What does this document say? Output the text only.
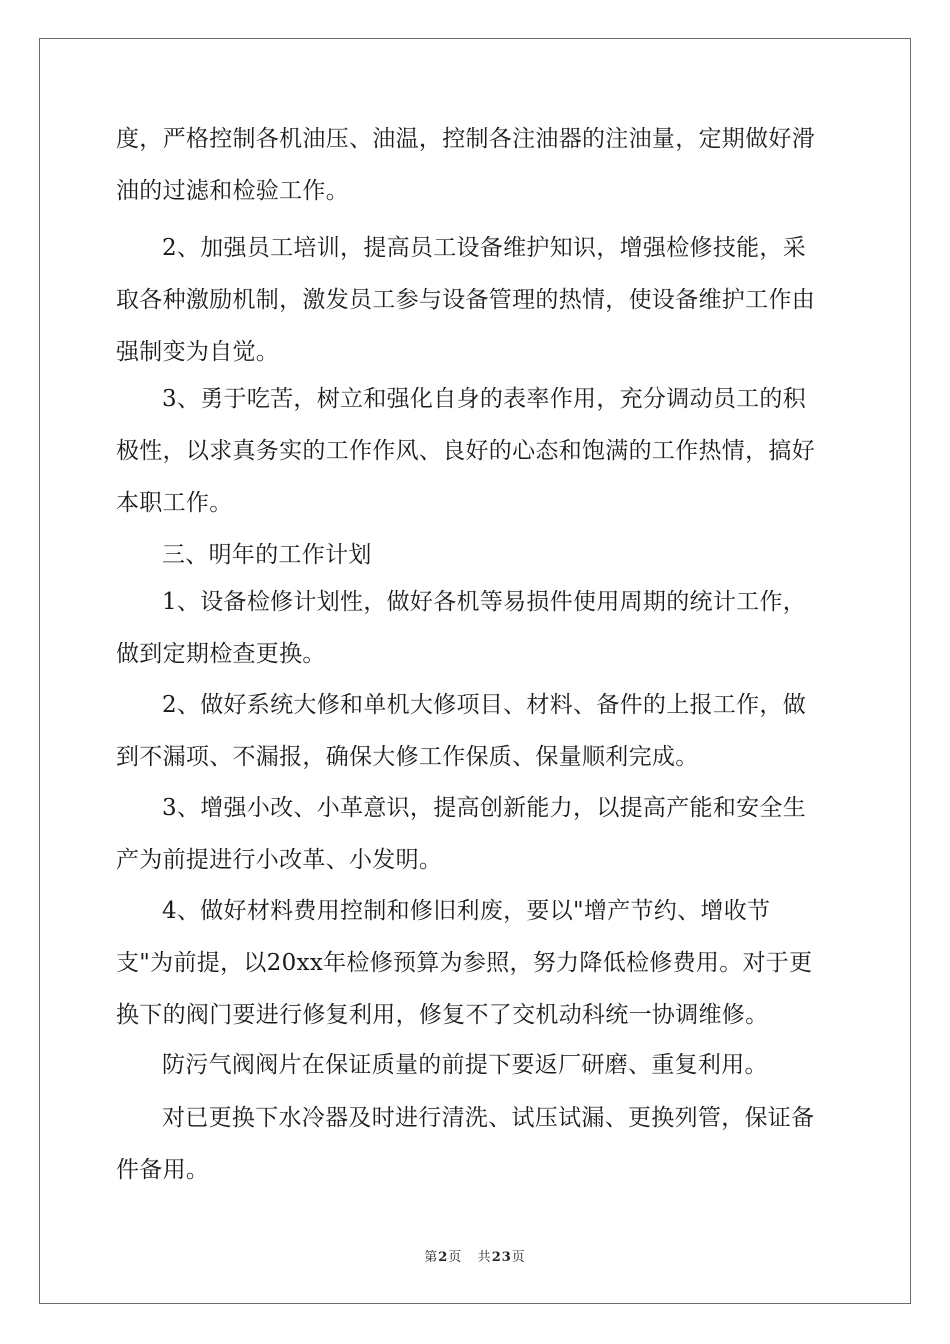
度，严格控制各机油压、油温，控制各注油器的注油量，定期做好滑
油的过滤和检验工作。
2、加强员工培训，提高员工设备维护知识，增强检修技能，采
取各种激励机制，激发员工参与设备管理的热情，使设备维护工作由
强制变为自觉。
3、勇于吃苦，树立和强化自身的表率作用，充分调动员工的积
极性，以求真务实的工作作风、良好的心态和饱满的工作热情，搞好
本职工作。
三、明年的工作计划
1、设备检修计划性，做好各机等易损件使用周期的统计工作，
做到定期检查更换。
2、做好系统大修和单机大修项目、材料、备件的上报工作，做
到不漏项、不漏报，确保大修工作保质、保量顺利完成。
3、增强小改、小革意识，提高创新能力，以提高产能和安全生
产为前提进行小改革、小发明。
4、做好材料费用控制和修旧利废，要以"增产节约、增收节
支"为前提，以20xx年检修预算为参照，努力降低检修费用。对于更
换下的阀门要进行修复利用，修复不了交机动科统一协调维修。
防污气阀阀片在保证质量的前提下要返厂研磨、重复利用。
对已更换下水冷器及时进行清洗、试压试漏、更换列管，保证备
件备用。
第2页 共23页
